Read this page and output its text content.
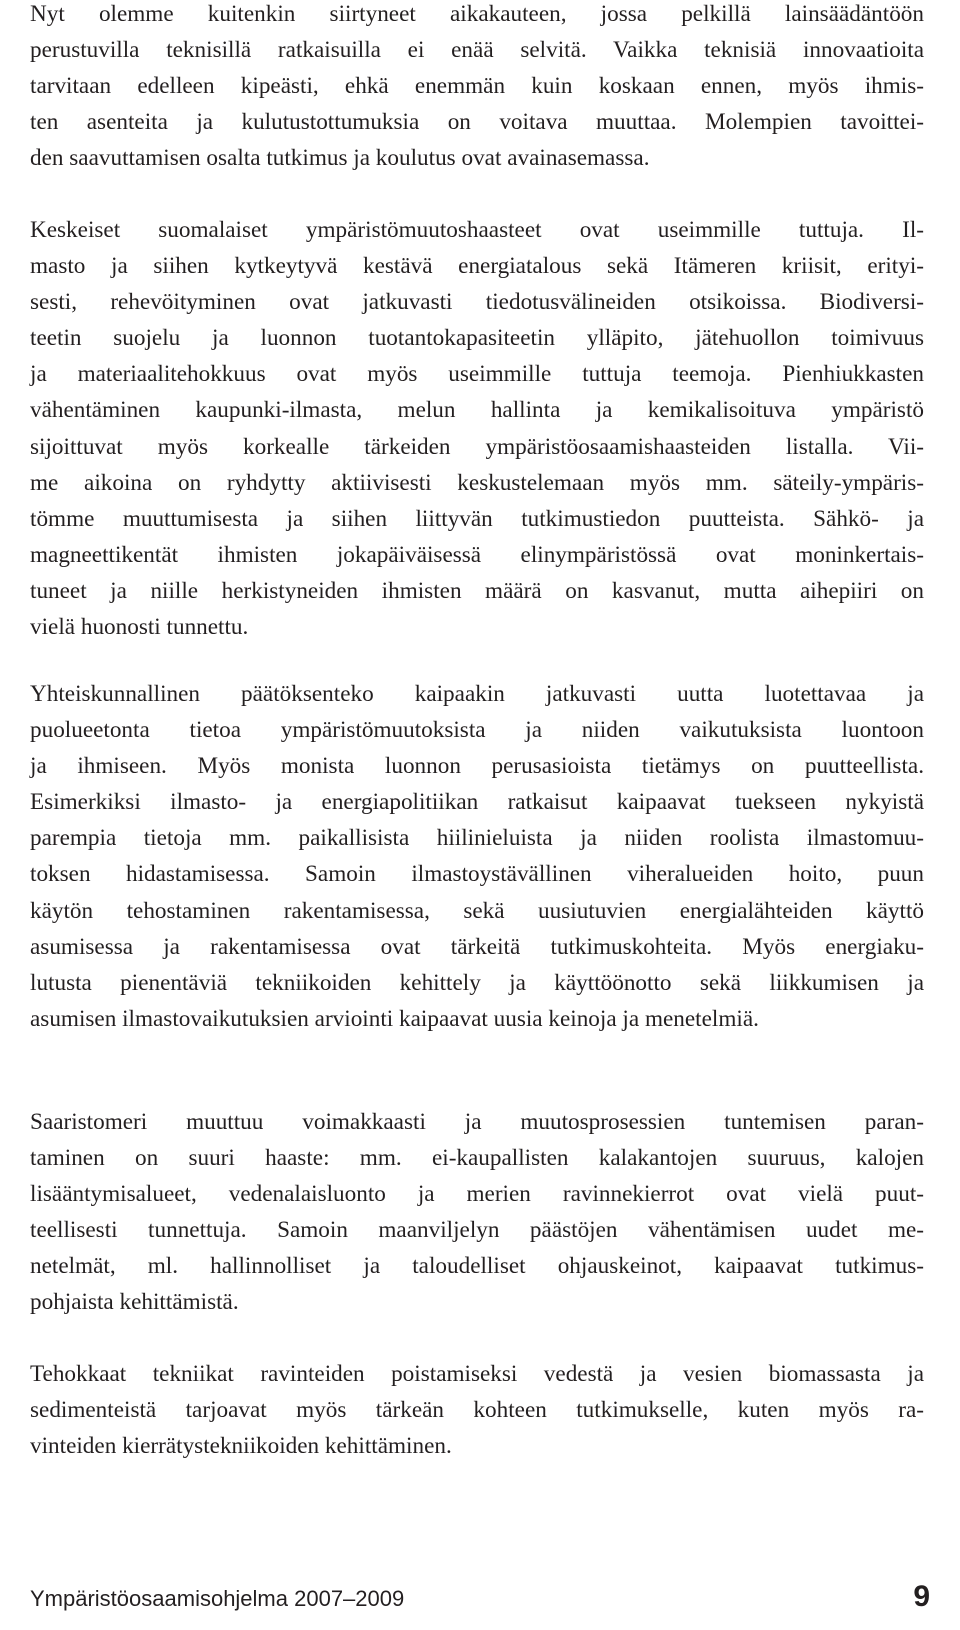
Nyt olemme kuitenkin siirtyneet aikakauteen, jossa pelkillä lainsäädäntöön
perustuvilla teknisillä ratkaisuilla ei enää selvitä. Vaikka teknisiä innovaatioita
tarvitaan edelleen kipeästi, ehkä enemmän kuin koskaan ennen, myös ihmis-
ten asenteita ja kulutustottumuksia on voitava muuttaa. Molempien tavoittei-
den saavuttamisen osalta tutkimus ja koulutus ovat avainasemassa.

Keskeiset suomalaiset ympäristömuutoshaasteet ovat useimmille tuttuja. Il-
masto ja siihen kytkeytyvä kestävä energiatalous sekä Itämeren kriisit, erityi-
sesti, rehevöityminen ovat jatkuvasti tiedotusvälineiden otsikoissa. Biodiversi-
teetin suojelu ja luonnon tuotantokapasiteetin ylläpito, jätehuollon toimivuus
ja materiaalitehokkuus ovat myös useimmille tuttuja teemoja. Pienhiukkasten
vähentäminen kaupunki-ilmasta, melun hallinta ja kemikalisoituva ympäristö
sijoittuvat myös korkealle tärkeiden ympäristöosaamishaasteiden listalla. Vii-
me aikoina on ryhdytty aktiivisesti keskustelemaan myös mm. säteily-ympäris-
tömme muuttumisesta ja siihen liittyvän tutkimustiedon puutteista. Sähkö- ja
magneettikentät ihmisten jokapäiväisessä elinympäristössä ovat moninkertais-
tuneet ja niille herkistyneiden ihmisten määrä on kasvanut, mutta aihepiiri on
vielä huonosti tunnettu.

Yhteiskunnallinen päätöksenteko kaipaakin jatkuvasti uutta luotettavaa ja
puolueetonta tietoa ympäristömuutoksista ja niiden vaikutuksista luontoon
ja ihmiseen. Myös monista luonnon perusasioista tietämys on puutteellista.
Esimerkiksi ilmasto- ja energiapolitiikan ratkaisut kaipaavat tuekseen nykyistä
parempia tietoja mm. paikallisista hiilinieluista ja niiden roolista ilmastomuu-
toksen hidastamisessa. Samoin ilmastoystävällinen viheralueiden hoito, puun
käytön tehostaminen rakentamisessa, sekä uusiutuvien energialähteiden käyttö
asumisessa ja rakentamisessa ovat tärkeitä tutkimuskohteita. Myös energiaku-
lutusta pienentäviä tekniikoiden kehittely ja käyttöönotto sekä liikkumisen ja
asumisen ilmastovaikutuksien arviointi kaipaavat uusia keinoja ja menetelmiä.

Saaristomeri muuttuu voimakkaasti ja muutosprosessien tuntemisen paran-
taminen on suuri haaste: mm. ei-kaupallisten kalakantojen suuruus, kalojen
lisääntymisalueet, vedenalaisluonto ja merien ravinnekierrot ovat vielä puut-
teellisesti tunnettuja. Samoin maanviljelyn päästöjen vähentämisen uudet me-
netelmät, ml. hallinnolliset ja taloudelliset ohjauskeinot, kaipaavat tutkimus-
pohjaista kehittämistä.

Tehokkaat tekniikat ravinteiden poistamiseksi vedestä ja vesien biomassasta ja
sedimenteistä tarjoavat myös tärkeän kohteen tutkimukselle, kuten myös ra-
vinteiden kierrätystekniikoiden kehittäminen.

Ympäristöosaamisohjelma 2007–2009	9
